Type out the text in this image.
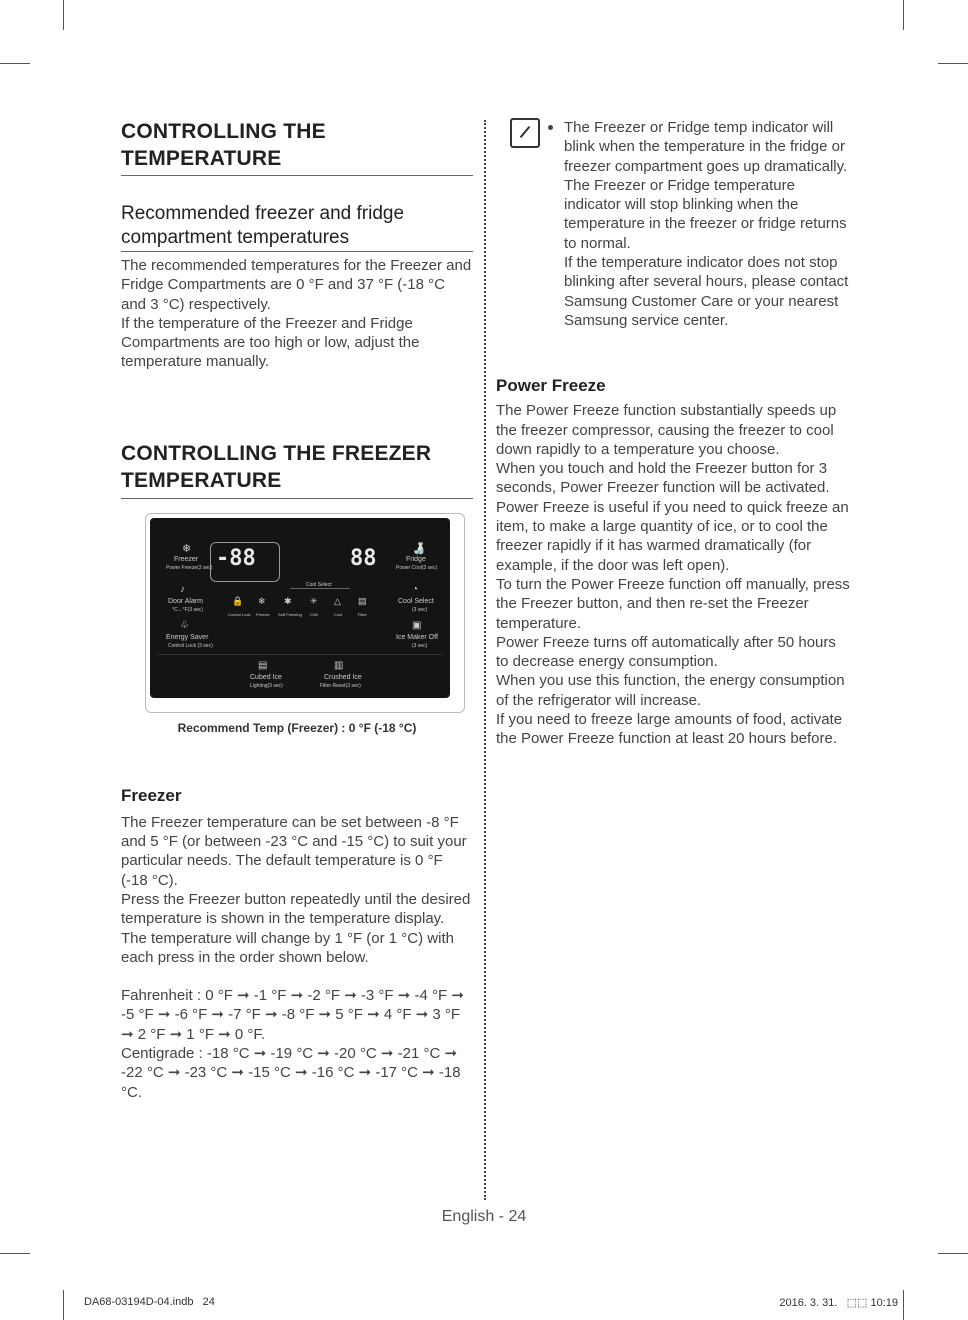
CONTROLLING THE TEMPERATURE
Recommended freezer and fridge compartment temperatures

The recommended temperatures for the Freezer and Fridge Compartments are 0 °F and 37 °F (-18 °C and 3 °C) respectively.

If the temperature of the Freezer and Fridge Compartments are too high or low, adjust the temperature manually.

CONTROLLING THE FREEZER TEMPERATURE
❄
Freezer
Power Freeze(3 sec) -88	88	🍶
Fridge
Power Cool(3 sec)
Cool Select
♪
Door Alarm
°C↔°F(3 sec)
🔒
Control Lock
❄
Freezer
✱
Soft Freezing
✳
Chill
△
Cool
▤
Filter
◔
Cool Select
(3 sec)
♧
Energy Saver
Control Lock (3 sec)
▣
Ice Maker Off
(3 sec)
▤
Cubed Ice
Lighting(3 sec)
▥
Crushed Ice
Filter Reset(3 sec)
Recommend Temp (Freezer) : 0 °F (-18 °C)
Freezer

The Freezer temperature can be set between -8 °F and 5 °F (or between -23 °C and -15 °C) to suit your particular needs. The default temperature is 0 °F (-18 °C).

Press the Freezer button repeatedly until the desired temperature is shown in the temperature display.

The temperature will change by 1 °F (or 1 °C) with each press in the order shown below.

Fahrenheit : 0 °F ➞ -1 °F ➞ -2 °F ➞ -3 °F ➞ -4 °F ➞ -5 °F ➞ -6 °F ➞ -7 °F ➞ -8 °F ➞ 5 °F ➞ 4 °F ➞ 3 °F ➞ 2 °F ➞ 1 °F ➞ 0 °F.

Centigrade : -18 °C ➞ -19 °C ➞ -20 °C ➞ -21 °C ➞ -22 °C ➞ -23 °C ➞ -15 °C ➞ -16 °C ➞ -17 °C ➞ -18 °C.

The Freezer or Fridge temp indicator will blink when the temperature in the fridge or freezer compartment goes up dramatically.

The Freezer or Fridge temperature indicator will stop blinking when the temperature in the freezer or fridge returns to normal.

If the temperature indicator does not stop blinking after several hours, please contact Samsung Customer Care or your nearest Samsung service center.

Power Freeze

The Power Freeze function substantially speeds up the freezer compressor, causing the freezer to cool down rapidly to a temperature you choose.

When you touch and hold the Freezer button for 3 seconds, Power Freezer function will be activated.

Power Freeze is useful if you need to quick freeze an item, to make a large quantity of ice, or to cool the freezer rapidly if it has warmed dramatically (for example, if the door was left open).

To turn the Power Freeze function off manually, press the Freezer button, and then re-set the Freezer temperature.

Power Freeze turns off automatically after 50 hours to decrease energy consumption.

When you use this function, the energy consumption of the refrigerator will increase.

If you need to freeze large amounts of food, activate the Power Freeze function at least 20 hours before.

English - 24
DA68-03194D-04.indb   24	2016. 3. 31.   ⬚⬚ 10:19
